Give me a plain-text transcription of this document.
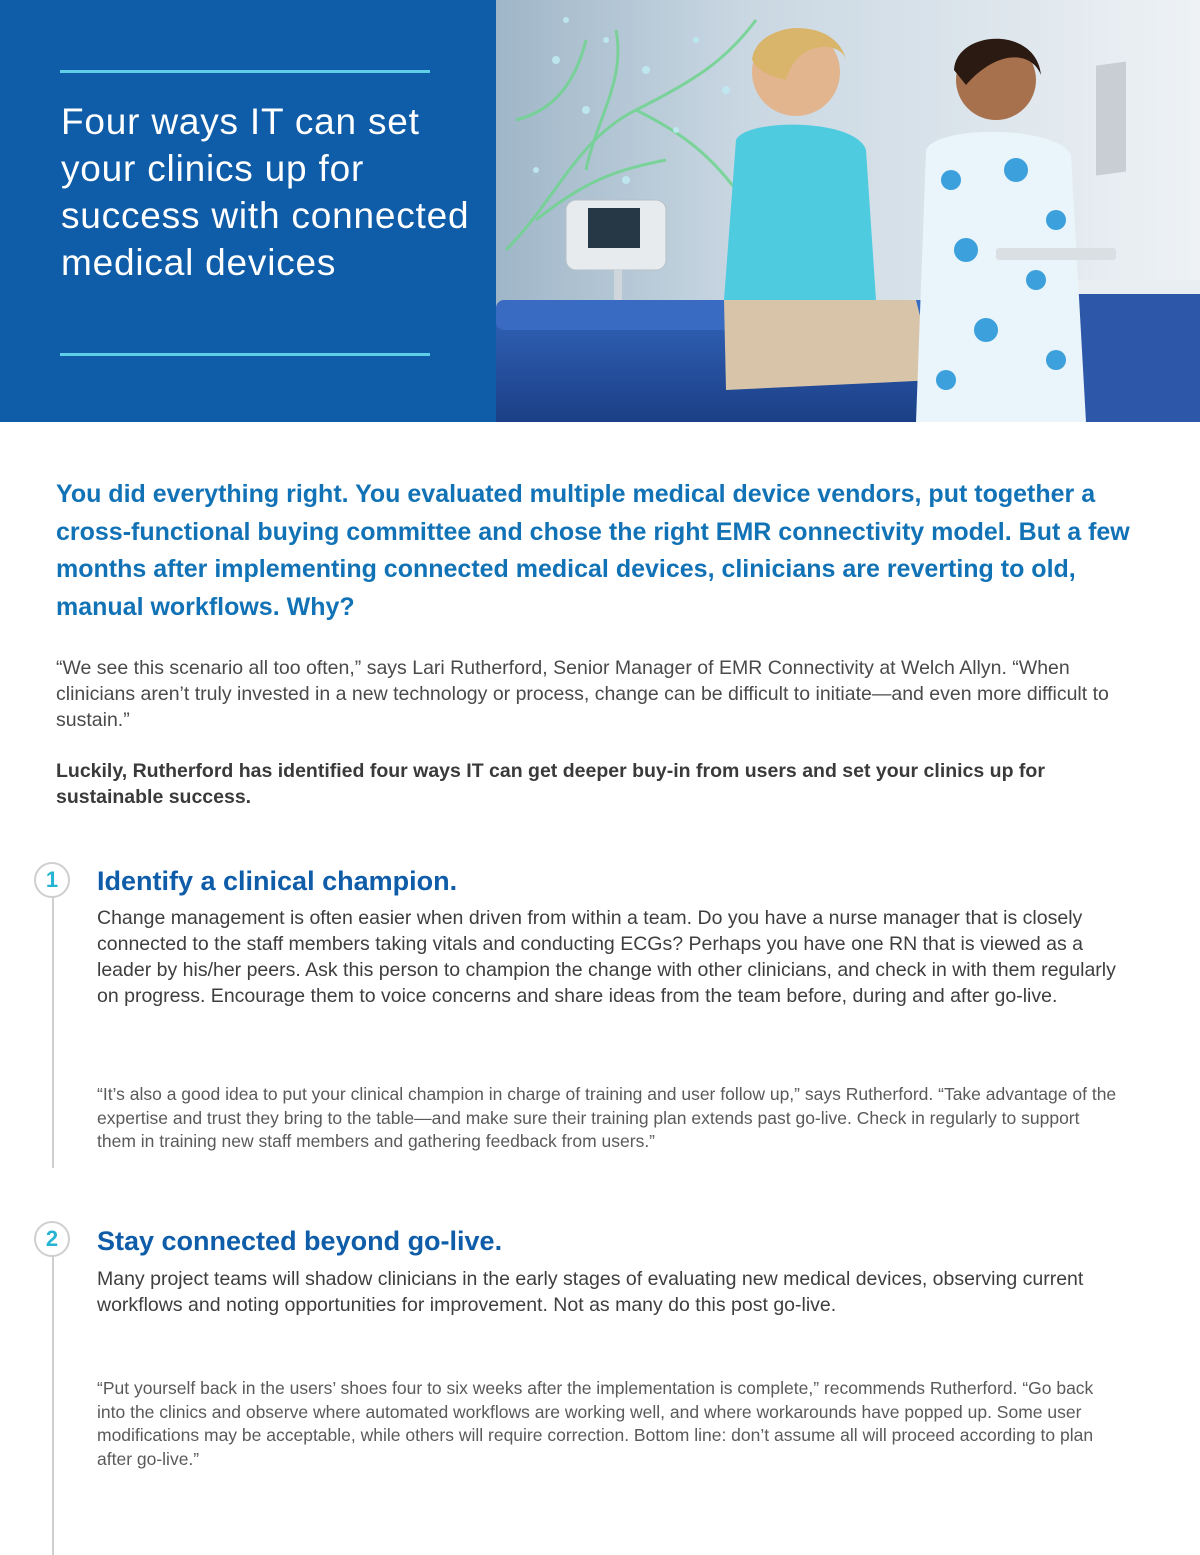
Four ways IT can set your clinics up for success with connected medical devices

You did everything right. You evaluated multiple medical device vendors, put together a cross-functional buying committee and chose the right EMR connectivity model. But a few months after implementing connected medical devices, clinicians are reverting to old, manual workflows. Why?

“We see this scenario all too often,” says Lari Rutherford, Senior Manager of EMR Connectivity at Welch Allyn. “When clinicians aren’t truly invested in a new technology or process, change can be difficult to initiate—and even more difficult to sustain.”

Luckily, Rutherford has identified four ways IT can get deeper buy-in from users and set your clinics up for sustainable success.

1	Identify a clinical champion.

Change management is often easier when driven from within a team. Do you have a nurse manager that is closely connected to the staff members taking vitals and conducting ECGs? Perhaps you have one RN that is viewed as a leader by his/her peers. Ask this person to champion the change with other clinicians, and check in with them regularly on progress. Encourage them to voice concerns and share ideas from the team before, during and after go-live.

“It’s also a good idea to put your clinical champion in charge of training and user follow up,” says Rutherford. “Take advantage of the expertise and trust they bring to the table—and make sure their training plan extends past go-live. Check in regularly to support them in training new staff members and gathering feedback from users.”

2	Stay connected beyond go-live.

Many project teams will shadow clinicians in the early stages of evaluating new medical devices, observing current workflows and noting opportunities for improvement. Not as many do this post go-live.

“Put yourself back in the users’ shoes four to six weeks after the implementation is complete,” recommends Rutherford. “Go back into the clinics and observe where automated workflows are working well, and where workarounds have popped up. Some user modifications may be acceptable, while others will require correction. Bottom line: don’t assume all will proceed according to plan after go-live.”
